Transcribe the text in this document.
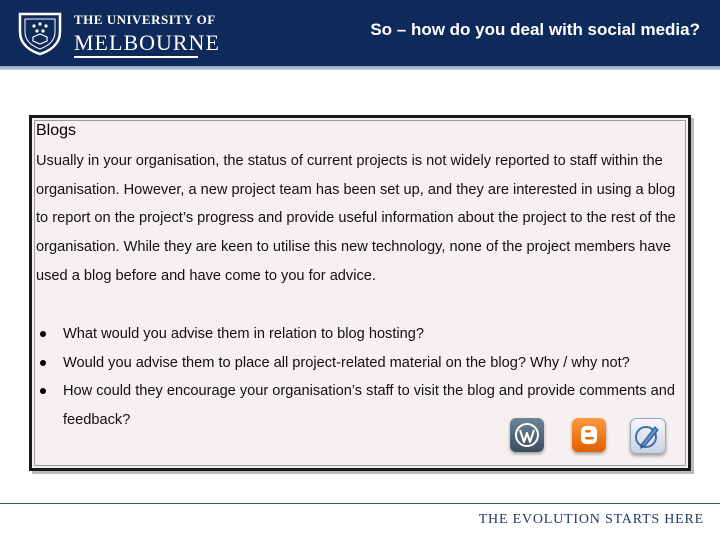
THE UNIVERSITY OF
MELBOURNE
So – how do you deal with social media?
Blogs
Usually in your organisation, the status of current projects is not widely reported to staff within the organisation. However, a new project team has been set up, and they are interested in using a blog to report on the project’s progress and provide useful information about the project to the rest of the organisation. While they are keen to utilise this new technology, none of the project members have used a blog before and have come to you for advice.
What would you advise them in relation to blog hosting?
Would you advise them to place all project-related material on the blog? Why / why not?
How could they encourage your organisation’s staff to visit the blog and provide comments and feedback?
THE EVOLUTION STARTS HERE
